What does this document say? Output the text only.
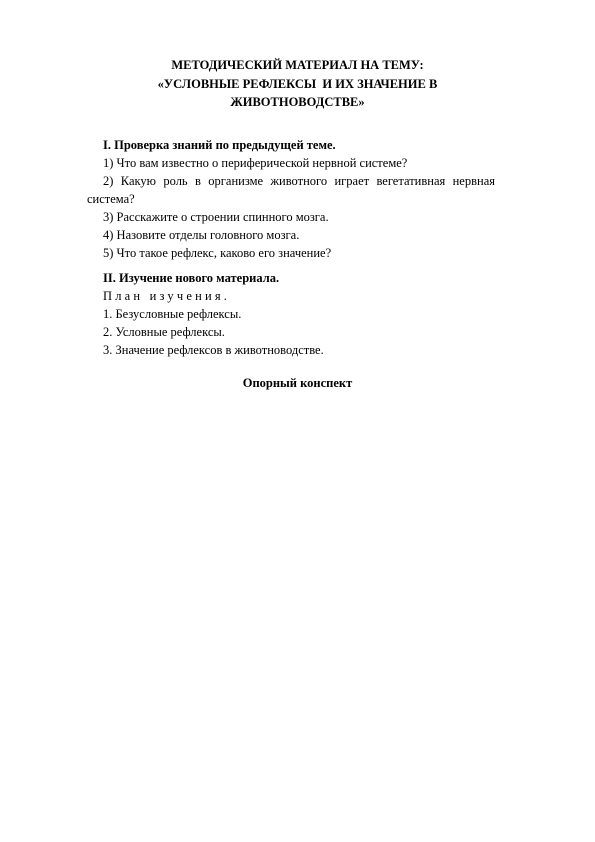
МЕТОДИЧЕСКИЙ МАТЕРИАЛ НА ТЕМУ:
«УСЛОВНЫЕ РЕФЛЕКСЫ  И ИХ ЗНАЧЕНИЕ В
ЖИВОТНОВОДСТВЕ»
I. Проверка знаний по предыдущей теме.
1) Что вам известно о периферической нервной системе?
2) Какую роль в организме животного играет вегетативная нервная
система?
3) Расскажите о строении спинного мозга.
4) Назовите отделы головного мозга.
5) Что такое рефлекс, каково его значение?
II. Изучение нового материала.
План изучения.
1. Безусловные рефлексы.
2. Условные рефлексы.
3. Значение рефлексов в животноводстве.
Опорный конспект
